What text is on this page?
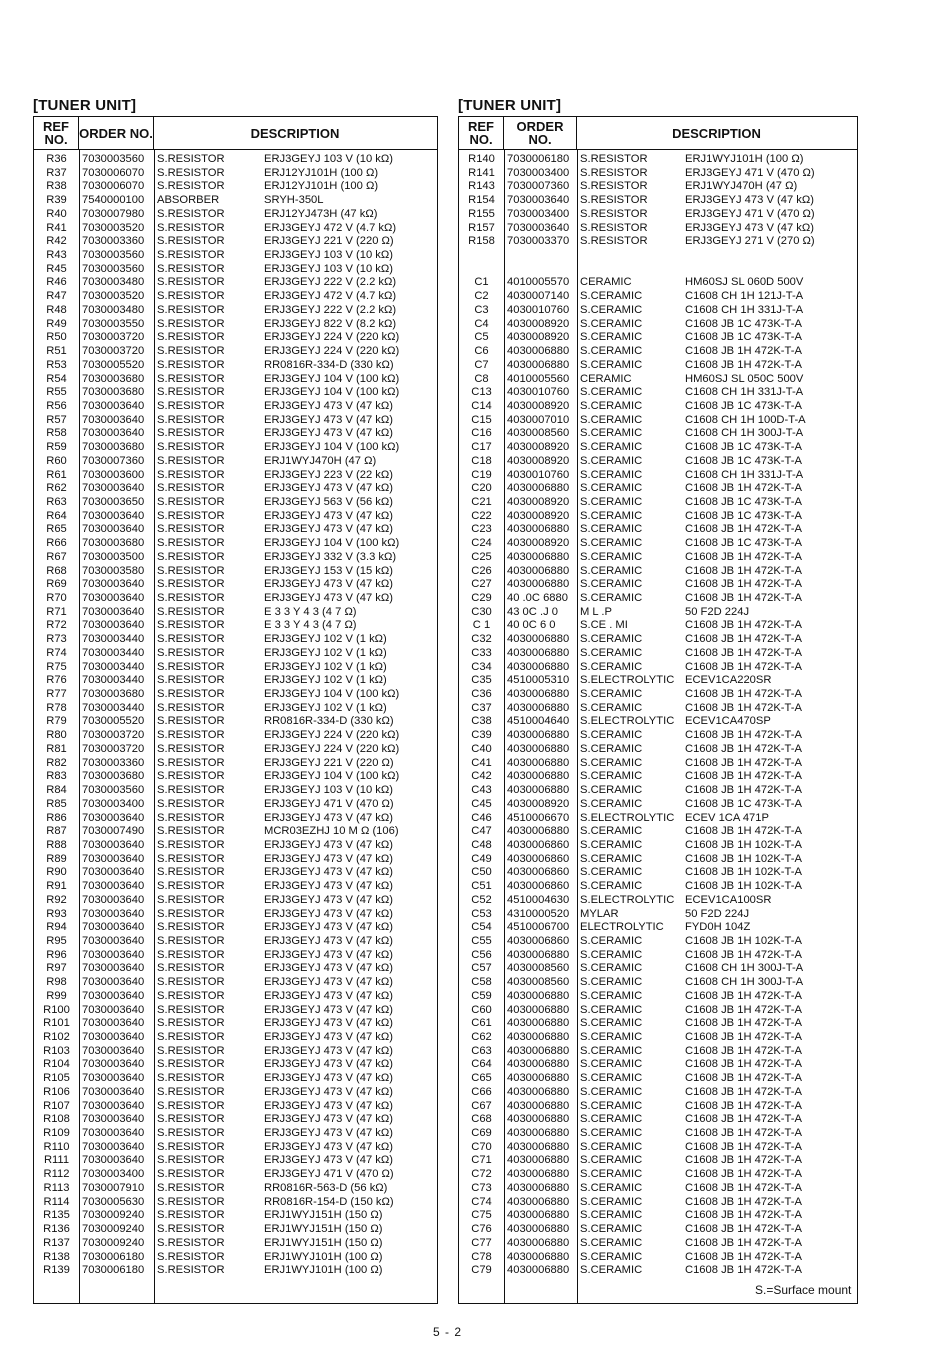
[TUNER UNIT]
REF NO. ORDER NO.	DESCRIPTION
R36	7030003560	S.RESISTOR	ERJ3GEYJ 103 V (10 kΩ)
R37	7030006070	S.RESISTOR	ERJ12YJ101H (100 Ω)
R38	7030006070	S.RESISTOR	ERJ12YJ101H (100 Ω)
R39	7540000100	ABSORBER	SRYH-350L
R40	7030007980	S.RESISTOR	ERJ12YJ473H (47 kΩ)
R41	7030003520	S.RESISTOR	ERJ3GEYJ 472 V (4.7 kΩ)
R42	7030003360	S.RESISTOR	ERJ3GEYJ 221 V (220 Ω)
R43	7030003560	S.RESISTOR	ERJ3GEYJ 103 V (10 kΩ)
R45	7030003560	S.RESISTOR	ERJ3GEYJ 103 V (10 kΩ)
R46	7030003480	S.RESISTOR	ERJ3GEYJ 222 V (2.2 kΩ)
R47	7030003520	S.RESISTOR	ERJ3GEYJ 472 V (4.7 kΩ)
R48	7030003480	S.RESISTOR	ERJ3GEYJ 222 V (2.2 kΩ)
R49	7030003550	S.RESISTOR	ERJ3GEYJ 822 V (8.2 kΩ)
R50	7030003720	S.RESISTOR	ERJ3GEYJ 224 V (220 kΩ)
R51	7030003720	S.RESISTOR	ERJ3GEYJ 224 V (220 kΩ)
R53	7030005520	S.RESISTOR	RR0816R-334-D (330 kΩ)
R54	7030003680	S.RESISTOR	ERJ3GEYJ 104 V (100 kΩ)
R55	7030003680	S.RESISTOR	ERJ3GEYJ 104 V (100 kΩ)
R56	7030003640	S.RESISTOR	ERJ3GEYJ 473 V (47 kΩ)
R57	7030003640	S.RESISTOR	ERJ3GEYJ 473 V (47 kΩ)
R58	7030003640	S.RESISTOR	ERJ3GEYJ 473 V (47 kΩ)
R59	7030003680	S.RESISTOR	ERJ3GEYJ 104 V (100 kΩ)
R60	7030007360	S.RESISTOR	ERJ1WYJ470H (47 Ω)
R61	7030003600	S.RESISTOR	ERJ3GEYJ 223 V (22 kΩ)
R62	7030003640	S.RESISTOR	ERJ3GEYJ 473 V (47 kΩ)
R63	7030003650	S.RESISTOR	ERJ3GEYJ 563 V (56 kΩ)
R64	7030003640	S.RESISTOR	ERJ3GEYJ 473 V (47 kΩ)
R65	7030003640	S.RESISTOR	ERJ3GEYJ 473 V (47 kΩ)
R66	7030003680	S.RESISTOR	ERJ3GEYJ 104 V (100 kΩ)
R67	7030003500	S.RESISTOR	ERJ3GEYJ 332 V (3.3 kΩ)
R68	7030003580	S.RESISTOR	ERJ3GEYJ 153 V (15 kΩ)
R69	7030003640	S.RESISTOR	ERJ3GEYJ 473 V (47 kΩ)
R70	7030003640	S.RESISTOR	ERJ3GEYJ 473 V (47 kΩ)
R71	7030003640	S.RESISTOR	E 3 3 Y 4 3 (4 7 Ω)
R72	7030003640	S.RESISTOR	E 3 3 Y 4 3 (4 7 Ω)
R73	7030003440	S.RESISTOR	ERJ3GEYJ 102 V (1 kΩ)
R74	7030003440	S.RESISTOR	ERJ3GEYJ 102 V (1 kΩ)
R75	7030003440	S.RESISTOR	ERJ3GEYJ 102 V (1 kΩ)
R76	7030003440	S.RESISTOR	ERJ3GEYJ 102 V (1 kΩ)
R77	7030003680	S.RESISTOR	ERJ3GEYJ 104 V (100 kΩ)
R78	7030003440	S.RESISTOR	ERJ3GEYJ 102 V (1 kΩ)
R79	7030005520	S.RESISTOR	RR0816R-334-D (330 kΩ)
R80	7030003720	S.RESISTOR	ERJ3GEYJ 224 V (220 kΩ)
R81	7030003720	S.RESISTOR	ERJ3GEYJ 224 V (220 kΩ)
R82	7030003360	S.RESISTOR	ERJ3GEYJ 221 V (220 Ω)
R83	7030003680	S.RESISTOR	ERJ3GEYJ 104 V (100 kΩ)
R84	7030003560	S.RESISTOR	ERJ3GEYJ 103 V (10 kΩ)
R85	7030003400	S.RESISTOR	ERJ3GEYJ 471 V (470 Ω)
R86	7030003640	S.RESISTOR	ERJ3GEYJ 473 V (47 kΩ)
R87	7030007490	S.RESISTOR	MCR03EZHJ 10 M Ω (106)
R88	7030003640	S.RESISTOR	ERJ3GEYJ 473 V (47 kΩ)
R89	7030003640	S.RESISTOR	ERJ3GEYJ 473 V (47 kΩ)
R90	7030003640	S.RESISTOR	ERJ3GEYJ 473 V (47 kΩ)
R91	7030003640	S.RESISTOR	ERJ3GEYJ 473 V (47 kΩ)
R92	7030003640	S.RESISTOR	ERJ3GEYJ 473 V (47 kΩ)
R93	7030003640	S.RESISTOR	ERJ3GEYJ 473 V (47 kΩ)
R94	7030003640	S.RESISTOR	ERJ3GEYJ 473 V (47 kΩ)
R95	7030003640	S.RESISTOR	ERJ3GEYJ 473 V (47 kΩ)
R96	7030003640	S.RESISTOR	ERJ3GEYJ 473 V (47 kΩ)
R97	7030003640	S.RESISTOR	ERJ3GEYJ 473 V (47 kΩ)
R98	7030003640	S.RESISTOR	ERJ3GEYJ 473 V (47 kΩ)
R99	7030003640	S.RESISTOR	ERJ3GEYJ 473 V (47 kΩ)
R100	7030003640	S.RESISTOR	ERJ3GEYJ 473 V (47 kΩ)
R101	7030003640	S.RESISTOR	ERJ3GEYJ 473 V (47 kΩ)
R102	7030003640	S.RESISTOR	ERJ3GEYJ 473 V (47 kΩ)
R103	7030003640	S.RESISTOR	ERJ3GEYJ 473 V (47 kΩ)
R104	7030003640	S.RESISTOR	ERJ3GEYJ 473 V (47 kΩ)
R105	7030003640	S.RESISTOR	ERJ3GEYJ 473 V (47 kΩ)
R106	7030003640	S.RESISTOR	ERJ3GEYJ 473 V (47 kΩ)
R107	7030003640	S.RESISTOR	ERJ3GEYJ 473 V (47 kΩ)
R108	7030003640	S.RESISTOR	ERJ3GEYJ 473 V (47 kΩ)
R109	7030003640	S.RESISTOR	ERJ3GEYJ 473 V (47 kΩ)
R110	7030003640	S.RESISTOR	ERJ3GEYJ 473 V (47 kΩ)
R111	7030003640	S.RESISTOR	ERJ3GEYJ 473 V (47 kΩ)
R112	7030003400	S.RESISTOR	ERJ3GEYJ 471 V (470 Ω)
R113	7030007910	S.RESISTOR	RR0816R-563-D (56 kΩ)
R114	7030005630	S.RESISTOR	RR0816R-154-D (150 kΩ)
R135	7030009240	S.RESISTOR	ERJ1WYJ151H (150 Ω)
R136	7030009240	S.RESISTOR	ERJ1WYJ151H (150 Ω)
R137	7030009240	S.RESISTOR	ERJ1WYJ151H (150 Ω)
R138	7030006180	S.RESISTOR	ERJ1WYJ101H (100 Ω)
R139	7030006180	S.RESISTOR	ERJ1WYJ101H (100 Ω)
[TUNER UNIT]
REF NO.
ORDER NO.	DESCRIPTION
R140	7030006180 S.RESISTOR	ERJ1WYJ101H (100 Ω)
R141	7030003400 S.RESISTOR	ERJ3GEYJ 471 V (470 Ω)
R143	7030007360 S.RESISTOR	ERJ1WYJ470H (47 Ω)
R154	7030003640 S.RESISTOR	ERJ3GEYJ 473 V (47 kΩ)
R155	7030003400 S.RESISTOR	ERJ3GEYJ 471 V (470 Ω)
R157	7030003640 S.RESISTOR	ERJ3GEYJ 473 V (47 kΩ)
R158	7030003370 S.RESISTOR	ERJ3GEYJ 271 V (270 Ω)
C1	4010005570 CERAMIC	HM60SJ SL 060D 500V
C2	4030007140 S.CERAMIC	C1608 CH 1H 121J-T-A
C3	4030010760 S.CERAMIC	C1608 CH 1H 331J-T-A
C4	4030008920 S.CERAMIC	C1608 JB 1C 473K-T-A
C5	4030008920 S.CERAMIC	C1608 JB 1C 473K-T-A
C6	4030006880 S.CERAMIC	C1608 JB 1H 472K-T-A
C7	4030006880 S.CERAMIC	C1608 JB 1H 472K-T-A
C8	4010005560 CERAMIC	HM60SJ SL 050C 500V
C13	4030010760 S.CERAMIC	C1608 CH 1H 331J-T-A
C14	4030008920 S.CERAMIC	C1608 JB 1C 473K-T-A
C15	4030007010 S.CERAMIC	C1608 CH 1H 100D-T-A
C16	4030008560 S.CERAMIC	C1608 CH 1H 300J-T-A
C17	4030008920 S.CERAMIC	C1608 JB 1C 473K-T-A
C18	4030008920 S.CERAMIC	C1608 JB 1C 473K-T-A
C19	4030010760 S.CERAMIC	C1608 CH 1H 331J-T-A
C20	4030006880 S.CERAMIC	C1608 JB 1H 472K-T-A
C21	4030008920 S.CERAMIC	C1608 JB 1C 473K-T-A
C22	4030008920 S.CERAMIC	C1608 JB 1C 473K-T-A
C23	4030006880 S.CERAMIC	C1608 JB 1H 472K-T-A
C24	4030008920 S.CERAMIC	C1608 JB 1C 473K-T-A
C25	4030006880 S.CERAMIC	C1608 JB 1H 472K-T-A
C26	4030006880 S.CERAMIC	C1608 JB 1H 472K-T-A
C27	4030006880 S.CERAMIC	C1608 JB 1H 472K-T-A
C29	40 .0C 6880	S.CERAMIC	C1608 JB 1H 472K-T-A
C30	43 0C .J 0	M L .P	50 F2D 224J
C 1	40 0C 6 0	S.CE . MI	C1608 JB 1H 472K-T-A
C32	4030006880 S.CERAMIC	C1608 JB 1H 472K-T-A
C33	4030006880 S.CERAMIC	C1608 JB 1H 472K-T-A
C34	4030006880 S.CERAMIC	C1608 JB 1H 472K-T-A
C35	4510005310 S.ELECTROLYTIC ECEV1CA220SR
C36	4030006880 S.CERAMIC	C1608 JB 1H 472K-T-A
C37	4030006880 S.CERAMIC	C1608 JB 1H 472K-T-A
C38	4510004640 S.ELECTROLYTIC ECEV1CA470SP
C39	4030006880 S.CERAMIC	C1608 JB 1H 472K-T-A
C40	4030006880 S.CERAMIC	C1608 JB 1H 472K-T-A
C41	4030006880 S.CERAMIC	C1608 JB 1H 472K-T-A
C42	4030006880 S.CERAMIC	C1608 JB 1H 472K-T-A
C43	4030006880 S.CERAMIC	C1608 JB 1H 472K-T-A
C45	4030008920 S.CERAMIC	C1608 JB 1C 473K-T-A
C46	4510006670 S.ELECTROLYTIC ECEV 1CA 471P
C47	4030006880 S.CERAMIC	C1608 JB 1H 472K-T-A
C48	4030006860 S.CERAMIC	C1608 JB 1H 102K-T-A
C49	4030006860 S.CERAMIC	C1608 JB 1H 102K-T-A
C50	4030006860 S.CERAMIC	C1608 JB 1H 102K-T-A
C51	4030006860 S.CERAMIC	C1608 JB 1H 102K-T-A
C52	4510004630 S.ELECTROLYTIC ECEV1CA100SR
C53	4310000520 MYLAR	50 F2D 224J
C54	4510006700 ELECTROLYTIC	FYD0H 104Z
C55	4030006860 S.CERAMIC	C1608 JB 1H 102K-T-A
C56	4030006880 S.CERAMIC	C1608 JB 1H 472K-T-A
C57	4030008560 S.CERAMIC	C1608 CH 1H 300J-T-A
C58	4030008560 S.CERAMIC	C1608 CH 1H 300J-T-A
C59	4030006880 S.CERAMIC	C1608 JB 1H 472K-T-A
C60	4030006880 S.CERAMIC	C1608 JB 1H 472K-T-A
C61	4030006880 S.CERAMIC	C1608 JB 1H 472K-T-A
C62	4030006880 S.CERAMIC	C1608 JB 1H 472K-T-A
C63	4030006880 S.CERAMIC	C1608 JB 1H 472K-T-A
C64	4030006880 S.CERAMIC	C1608 JB 1H 472K-T-A
C65	4030006880 S.CERAMIC	C1608 JB 1H 472K-T-A
C66	4030006880 S.CERAMIC	C1608 JB 1H 472K-T-A
C67	4030006880 S.CERAMIC	C1608 JB 1H 472K-T-A
C68	4030006880 S.CERAMIC	C1608 JB 1H 472K-T-A
C69	4030006880 S.CERAMIC	C1608 JB 1H 472K-T-A
C70	4030006880 S.CERAMIC	C1608 JB 1H 472K-T-A
C71	4030006880 S.CERAMIC	C1608 JB 1H 472K-T-A
C72	4030006880 S.CERAMIC	C1608 JB 1H 472K-T-A
C73	4030006880 S.CERAMIC	C1608 JB 1H 472K-T-A
C74	4030006880 S.CERAMIC	C1608 JB 1H 472K-T-A
C75	4030006880 S.CERAMIC	C1608 JB 1H 472K-T-A
C76	4030006880 S.CERAMIC	C1608 JB 1H 472K-T-A
C77	4030006880 S.CERAMIC	C1608 JB 1H 472K-T-A
C78	4030006880 S.CERAMIC	C1608 JB 1H 472K-T-A
C79	4030006880 S.CERAMIC	C1608 JB 1H 472K-T-A
S.=Surface mount
5 - 2
